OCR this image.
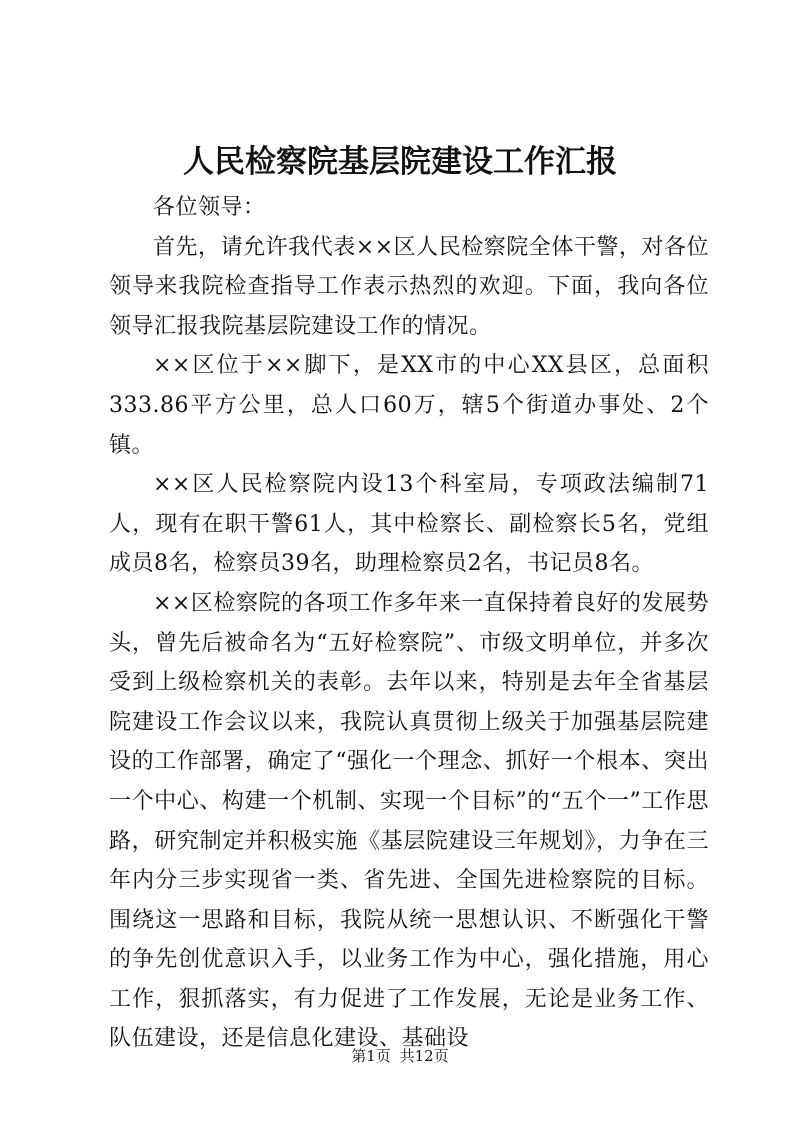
人民检察院基层院建设工作汇报

各位领导：

首先，请允许我代表××区人民检察院全体干警，对各位领导来我院检查指导工作表示热烈的欢迎。下面，我向各位领导汇报我院基层院建设工作的情况。

××区位于××脚下，是XX市的中心XX县区，总面积333.86平方公里，总人口60万，辖5个街道办事处、2个镇。

××区人民检察院内设13个科室局，专项政法编制71人，现有在职干警61人，其中检察长、副检察长5名，党组成员8名，检察员39名，助理检察员2名，书记员8名。

××区检察院的各项工作多年来一直保持着良好的发展势头，曾先后被命名为“五好检察院”、市级文明单位，并多次受到上级检察机关的表彰。去年以来，特别是去年全省基层院建设工作会议以来，我院认真贯彻上级关于加强基层院建设的工作部署，确定了“强化一个理念、抓好一个根本、突出一个中心、构建一个机制、实现一个目标”的“五个一”工作思路，研究制定并积极实施《基层院建设三年规划》，力争在三年内分三步实现省一类、省先进、全国先进检察院的目标。围绕这一思路和目标，我院从统一思想认识、不断强化干警的争先创优意识入手，以业务工作为中心，强化措施，用心工作，狠抓落实，有力促进了工作发展，无论是业务工作、队伍建设，还是信息化建设、基础设

第1页 共12页
